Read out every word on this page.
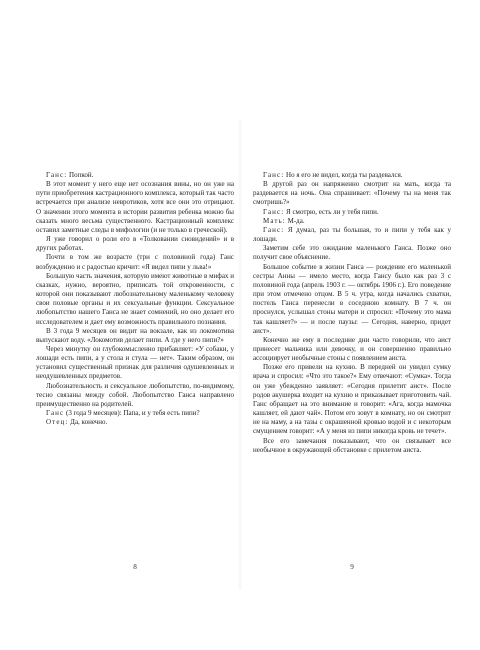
Ганс: Попкой.

В этот момент у него еще нет осознания вины, но он уже на пути приобретения кастрационного комплекса, который так часто встречается при анализе невротиков, хотя все они это отрицают. О значении этого момента в истории развития ребенка можно бы сказать много весьма существенного. Кастрационный комплекс оставил заметные следы в мифологии (и не только в греческой).

Я уже говорил о роли его в «Толковании сновидений» и в других работах.

Почти в том же возрасте (три с половиной года) Ганс возбужденно и с радостью кричит: «Я видел пипи у льва!»

Большую часть значения, которую имеют животные в мифах и сказках, нужно, вероятно, приписать той откровенности, с которой они показывают любознательному маленькому человеку свои половые органы и их сексуальные функции. Сексуальное любопытство нашего Ганса не знает сомнений, но оно делает его исследователем и дает ему возможность правильного познания.

В 3 года 9 месяцев он видит на вокзале, как из локомотива выпускают воду. «Локомотив делает пипи. А где у него пипи?»

Через минутку он глубокомысленно прибавляет: «У собаки, у лошади есть пипи, а у стола и стула — нет». Таким образом, он установил существенный признак для различия одушевленных и неодушевленных предметов.

Любознательность и сексуальное любопытство, по-видимому, тесно связаны между собой. Любопытство Ганса направлено преимущественно на родителей.

Ганс (3 года 9 месяцев): Папа, и у тебя есть пипи?

Отец: Да, конечно.

8

Ганс: Но я его не видел, когда ты раздевался.

В другой раз он напряженно смотрит на мать, когда та раздевается на ночь. Она спрашивает: «Почему ты на меня так смотришь?»

Ганс: Я смотрю, есть ли у тебя пипи.

Мать: М-да.

Ганс: Я думал, раз ты большая, то и пипи у тебя как у лошади.

Заметим себе это ожидание маленького Ганса. Позже оно получит свое объяснение.

Большое событие в жизни Ганса — рождение его маленькой сестры Анны — имело место, когда Гансу было как раз 3 с половиной года (апрель 1903 г. — октябрь 1906 г.). Его поведение при этом отмечено отцом. В 5 ч. утра, когда начались схватки, постель Ганса перенесли в соседнюю комнату. В 7 ч. он проснулся, услышал стоны матери и спросил: «Почему это мама так кашляет?» — и после паузы: — Сегодня, наверно, придет аист».

Конечно же ему в последние дни часто говорили, что аист принесет мальчика или девочку, и он совершенно правильно ассоциирует необычные стоны с появлением аиста.

Позже его привели на кухню. В передней он увидел сумку врача и спросил: «Что это такое?» Ему отвечают: «Сумка». Тогда он уже убежденно заявляет: «Сегодня прилетит аист». После родов акушерка входит на кухню и приказывает приготовить чай. Ганс обращает на это внимание и говорит: «Ага, когда мамочка кашляет, ей дают чай». Потом его зовут в комнату, но он смотрит не на маму, а на тазы с окрашенной кровью водой и с некоторым смущением говорит: «А у меня из пипи никогда кровь не течет».

Все его замечания показывают, что он связывает все необычное в окружающей обстановке с прилетом аиста.

9
